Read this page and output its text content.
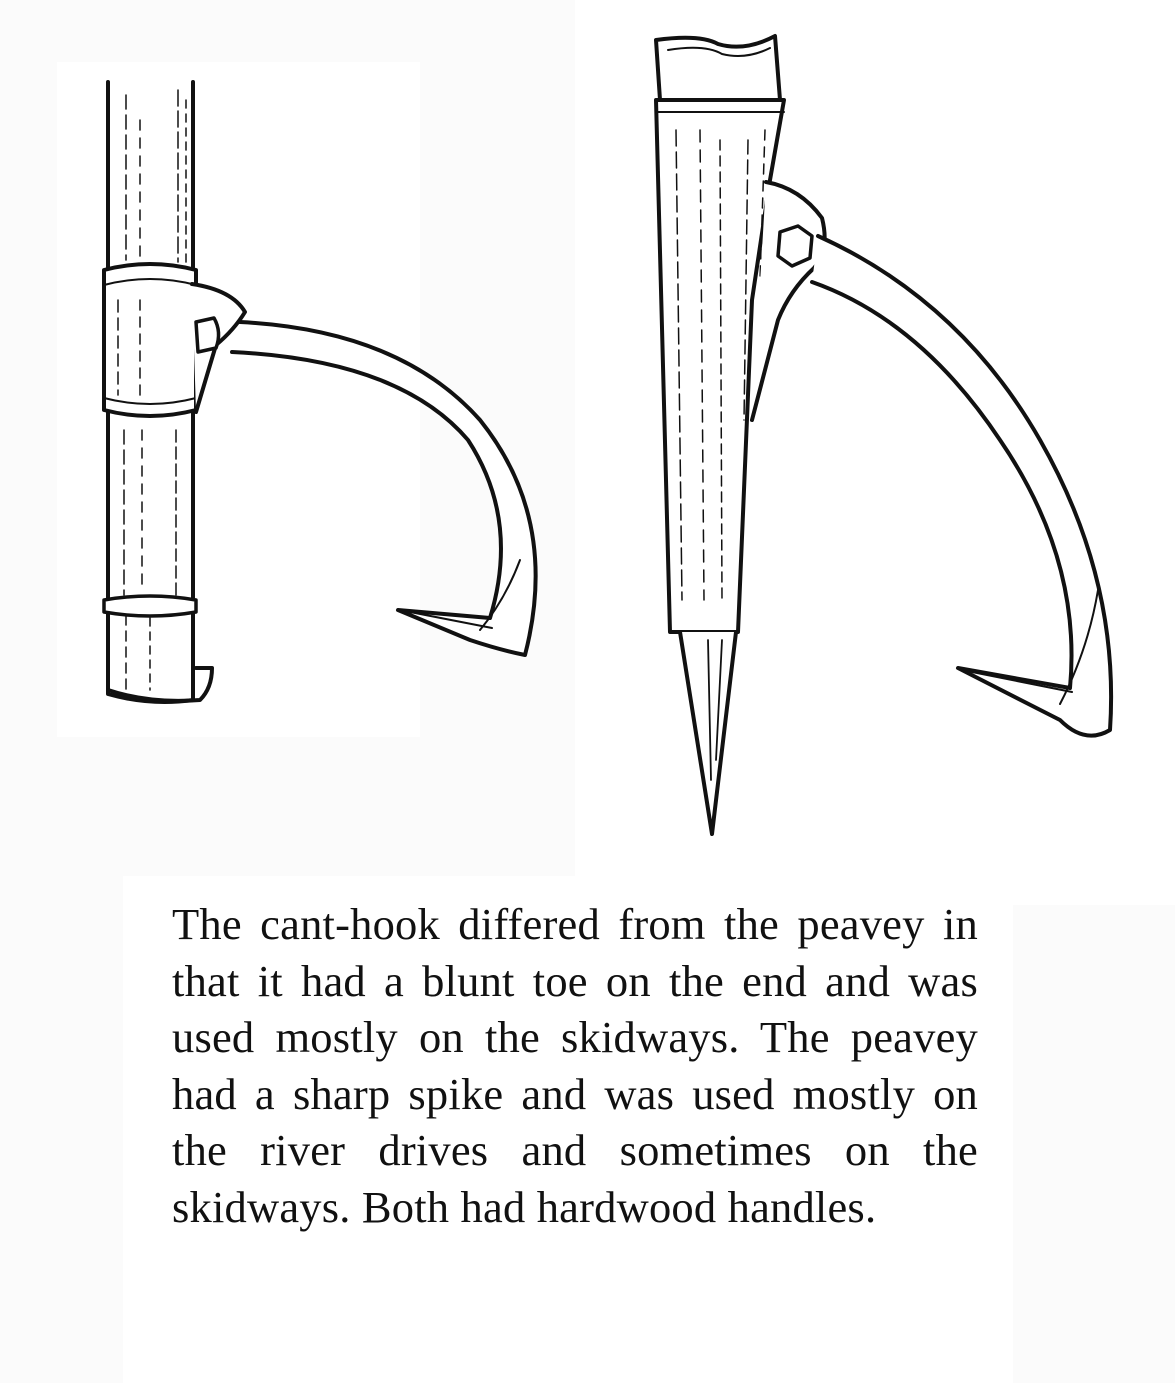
The cant-hook differed from the peavey in that it had a blunt toe on the end and was used mostly on the skidways. The peavey had a sharp spike and was used mostly on the river drives and sometimes on the skidways. Both had hardwood handles.
